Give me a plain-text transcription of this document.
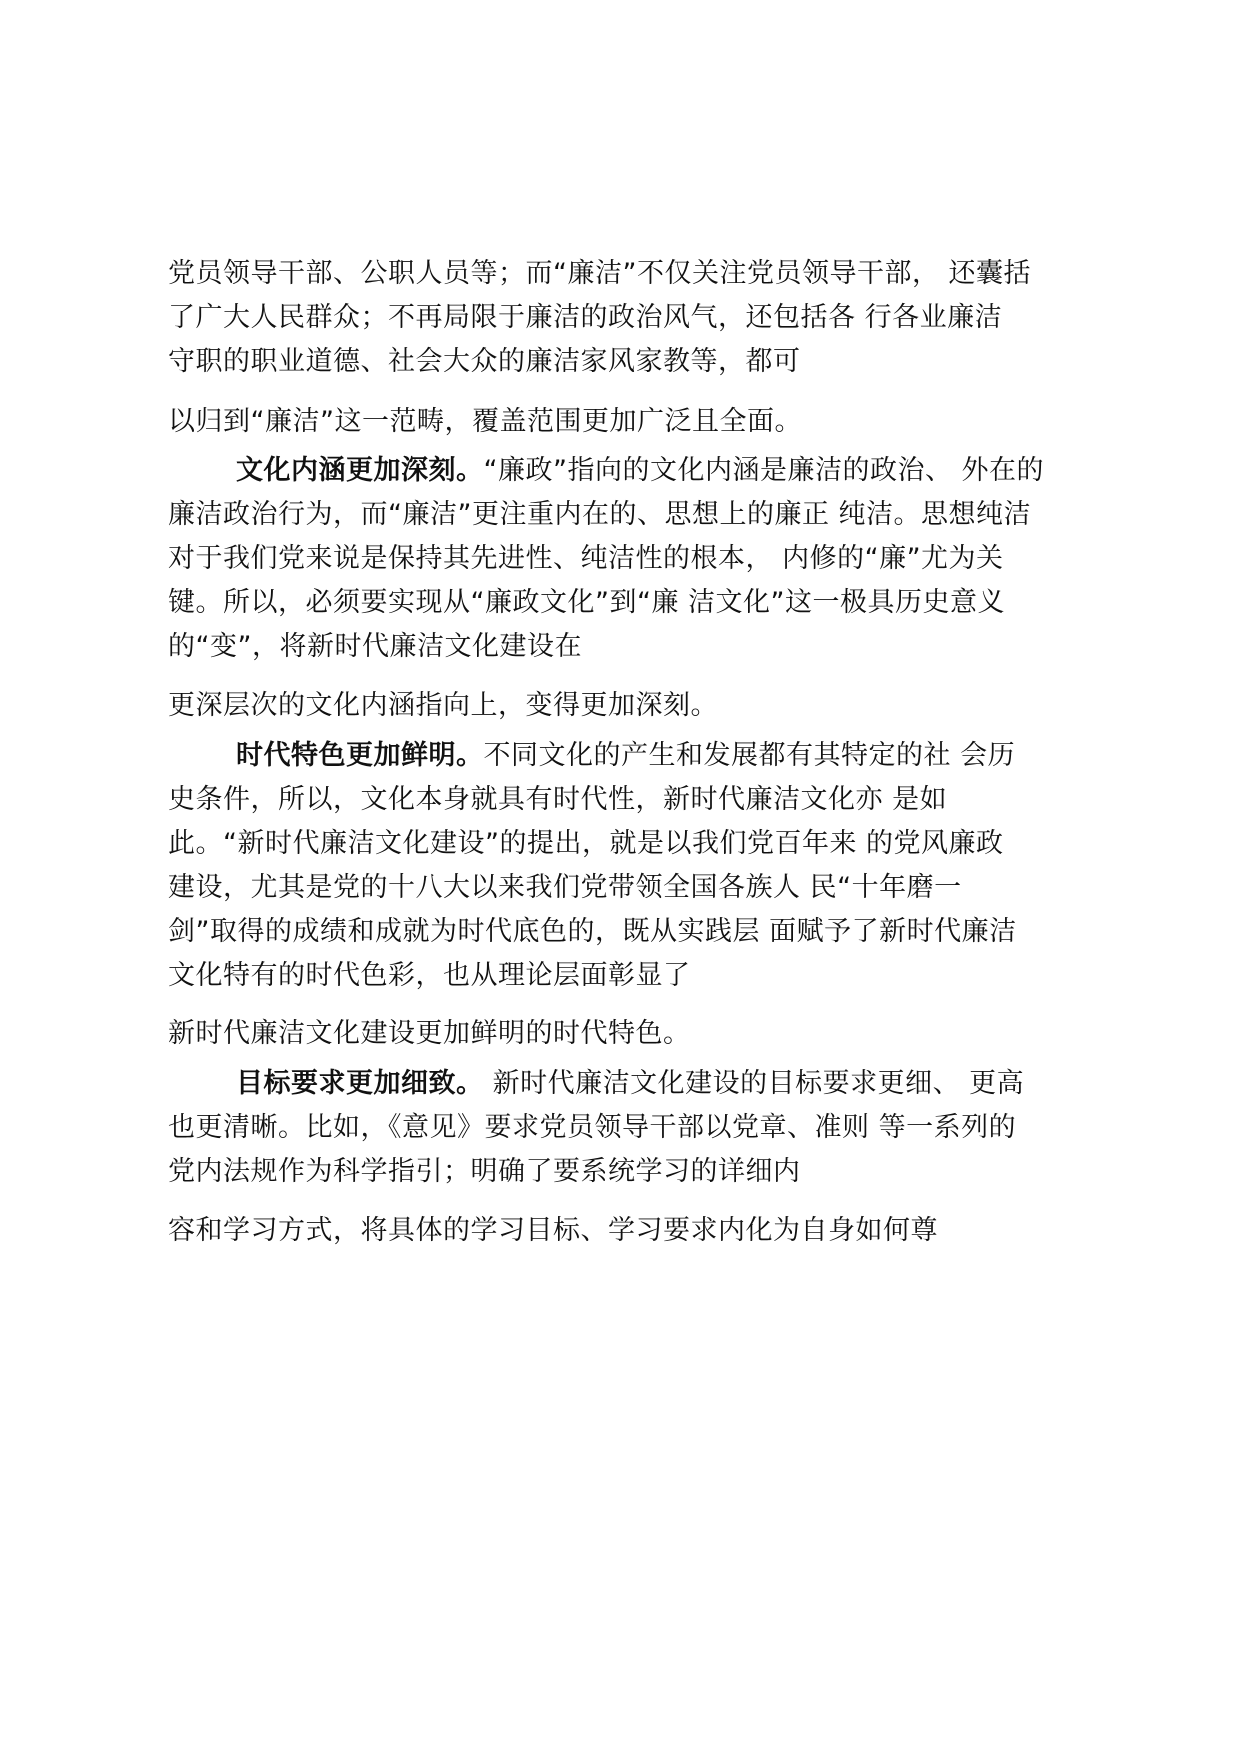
党员领导干部、公职人员等；而“廉洁”不仅关注党员领导干部， 还囊括
了广大人民群众；不再局限于廉洁的政治风气，还包括各 行各业廉洁
守职的职业道德、社会大众的廉洁家风家教等，都可
以归到“廉洁”这一范畴，覆盖范围更加广泛且全面。
文化内涵更加深刻。“廉政”指向的文化内涵是廉洁的政治、 外在的
廉洁政治行为，而“廉洁”更注重内在的、思想上的廉正 纯洁。思想纯洁
对于我们党来说是保持其先进性、纯洁性的根本， 内修的“廉”尤为关
键。所以，必须要实现从“廉政文化”到“廉 洁文化”这一极具历史意义
的“变”，将新时代廉洁文化建设在
更深层次的文化内涵指向上，变得更加深刻。
时代特色更加鲜明。不同文化的产生和发展都有其特定的社 会历
史条件，所以，文化本身就具有时代性，新时代廉洁文化亦 是如
此。“新时代廉洁文化建设”的提出，就是以我们党百年来 的党风廉政
建设，尤其是党的十八大以来我们党带领全国各族人 民“十年磨一
剑”取得的成绩和成就为时代底色的，既从实践层 面赋予了新时代廉洁
文化特有的时代色彩，也从理论层面彰显了
新时代廉洁文化建设更加鲜明的时代特色。
目标要求更加细致。 新时代廉洁文化建设的目标要求更细、 更高
也更清晰。比如，《意见》要求党员领导干部以党章、准则 等一系列的
党内法规作为科学指引；明确了要系统学习的详细内
容和学习方式，将具体的学习目标、学习要求内化为自身如何尊
